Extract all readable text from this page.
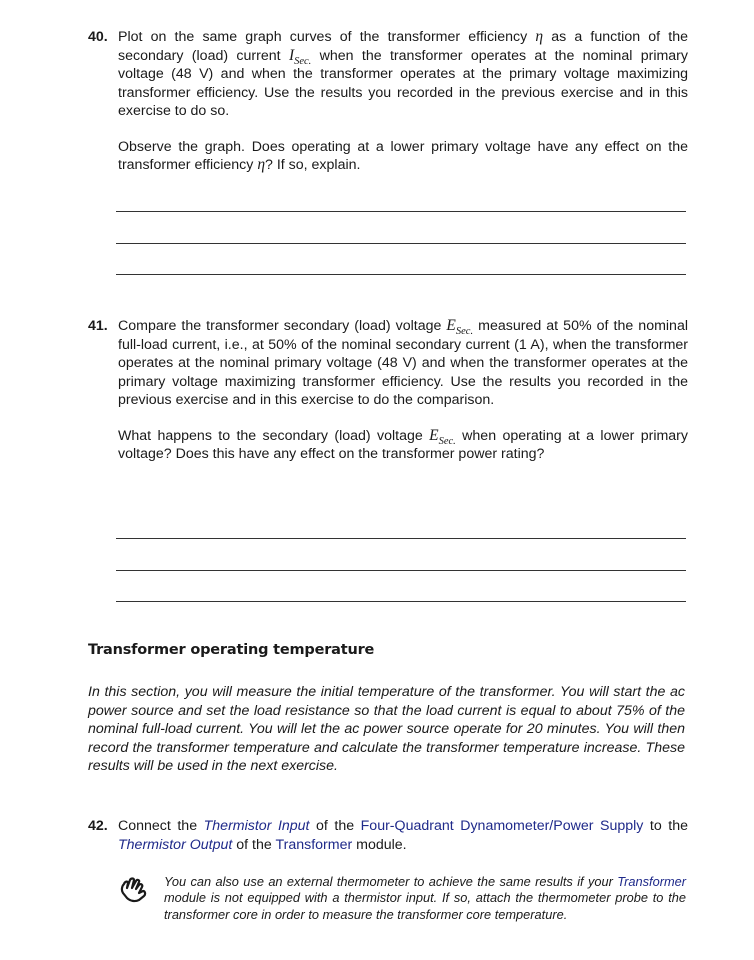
40. Plot on the same graph curves of the transformer efficiency η as a function of the secondary (load) current $I_{Sec.}$ when the transformer operates at the nominal primary voltage (48 V) and when the transformer operates at the primary voltage maximizing transformer efficiency. Use the results you recorded in the previous exercise and in this exercise to do so.

Observe the graph. Does operating at a lower primary voltage have any effect on the transformer efficiency η? If so, explain.

41. Compare the transformer secondary (load) voltage $E_{Sec.}$ measured at 50% of the nominal full-load current, i.e., at 50% of the nominal secondary current (1 A), when the transformer operates at the nominal primary voltage (48 V) and when the transformer operates at the primary voltage maximizing transformer efficiency. Use the results you recorded in the previous exercise and in this exercise to do the comparison.

What happens to the secondary (load) voltage $E_{Sec.}$ when operating at a lower primary voltage? Does this have any effect on the transformer power rating?

Transformer operating temperature
In this section, you will measure the initial temperature of the transformer. You will start the ac power source and set the load resistance so that the load current is equal to about 75% of the nominal full-load current. You will let the ac power source operate for 20 minutes. You will then record the transformer temperature and calculate the transformer temperature increase. These results will be used in the next exercise.
42. Connect the Thermistor Input of the Four-Quadrant Dynamometer/Power Supply to the Thermistor Output of the Transformer module.

You can also use an external thermometer to achieve the same results if your Transformer module is not equipped with a thermistor input. If so, attach the thermometer probe to the transformer core in order to measure the transformer core temperature.
